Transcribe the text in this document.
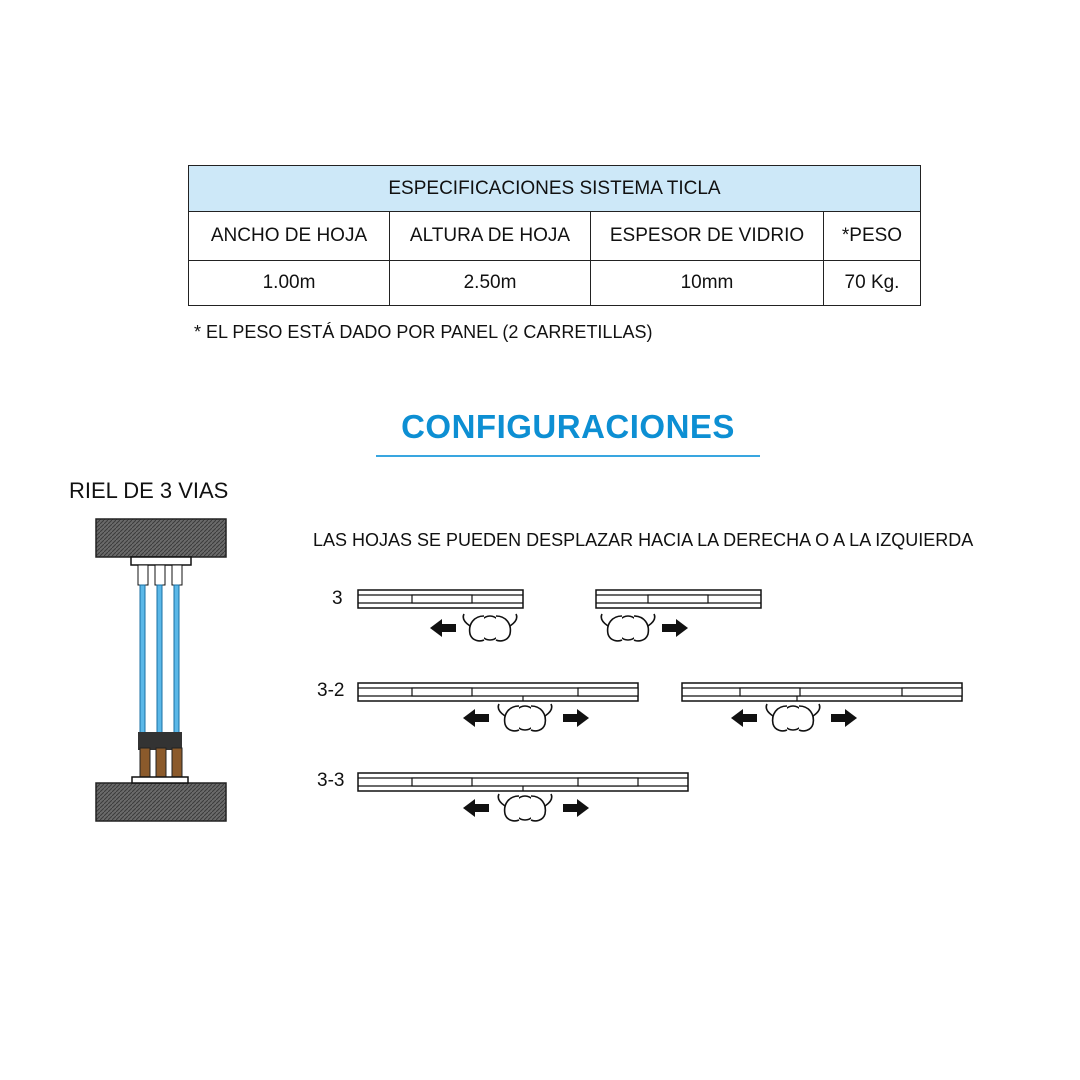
ESPECIFICACIONES SISTEMA TICLA			
ANCHO DE HOJA	ALTURA DE HOJA	ESPESOR DE VIDRIO	*PESO
1.00m	2.50m	10mm	70 Kg.
* EL PESO ESTÁ DADO POR PANEL (2 CARRETILLAS)
CONFIGURACIONES
RIEL DE 3 VIAS
LAS HOJAS SE PUEDEN DESPLAZAR HACIA LA DERECHA O A LA IZQUIERDA
3
3-2
3-3
